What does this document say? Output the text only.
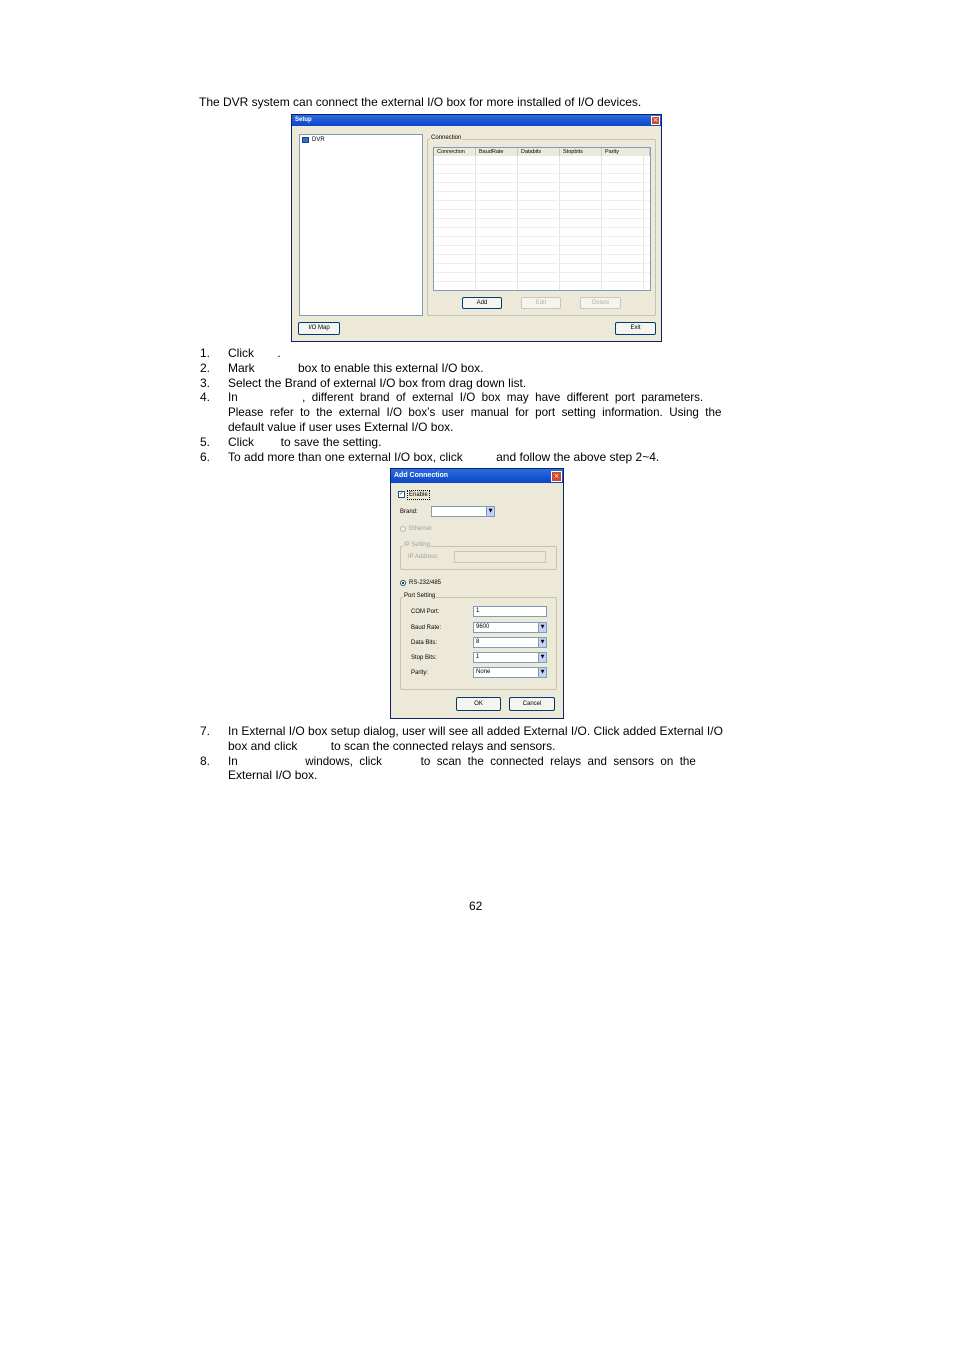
The DVR system can connect the external I/O box for more installed of I/O devices.
Setup	×
DVR	Connection
Connection	BaudRate	Databits	Stopbits	Parity
Add	Edit	Delete
I/O Map	Exit
1. Click       .
2. Mark             box to enable this external I/O box.
3. Select the Brand of external I/O box from drag down list.
4. In                    ,  different  brand  of  external  I/O  box  may  have  different  port  parameters.
Please  refer  to  the  external  I/O  box’s  user  manual  for  port  setting  information.  Using  the
default value if user uses External I/O box.
5. Click        to save the setting.
6. To add more than one external I/O box, click          and follow the above step 2~4.
Add Connection	×
✓ Enable
Brand:	▼
Ethernet
IP Setting
IP Address:
RS-232/485
Port Setting
COM Port:	1
Baud Rate:	9600	▼
Data Bits:	8	▼
Stop Bits:	1	▼
Parity:	None	▼
OK	Cancel
7. In External I/O box setup dialog, user will see all added External I/O. Click added External I/O
box and click          to scan the connected relays and sensors.
8. In                     windows,  click            to  scan  the  connected  relays  and  sensors  on  the
External I/O box.
62
